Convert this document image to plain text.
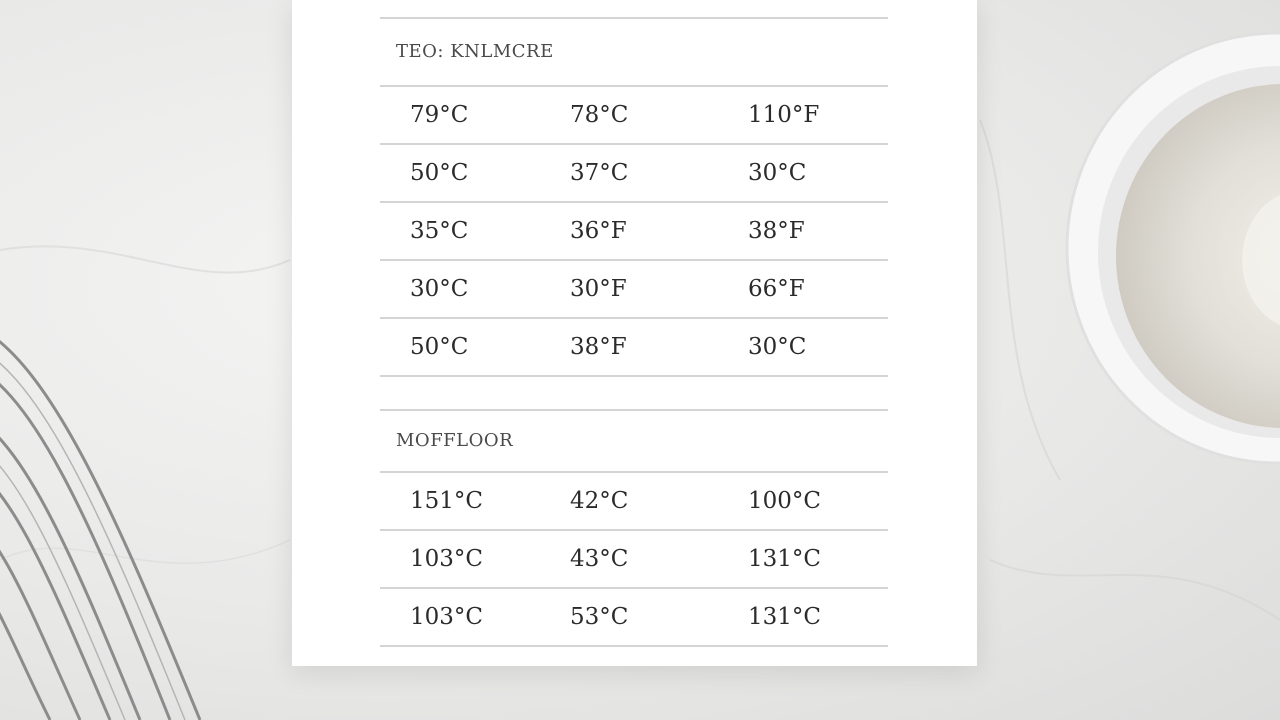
TEO: KNLMCRE
79°C	78°C	110°F
50°C	37°C	30°C
35°C	36°F	38°F
30°C	30°F	66°F
50°C	38°F	30°C
MOFFLOOR
151°C	42°C	100°C
103°C	43°C	131°C
103°C	53°C	131°C
